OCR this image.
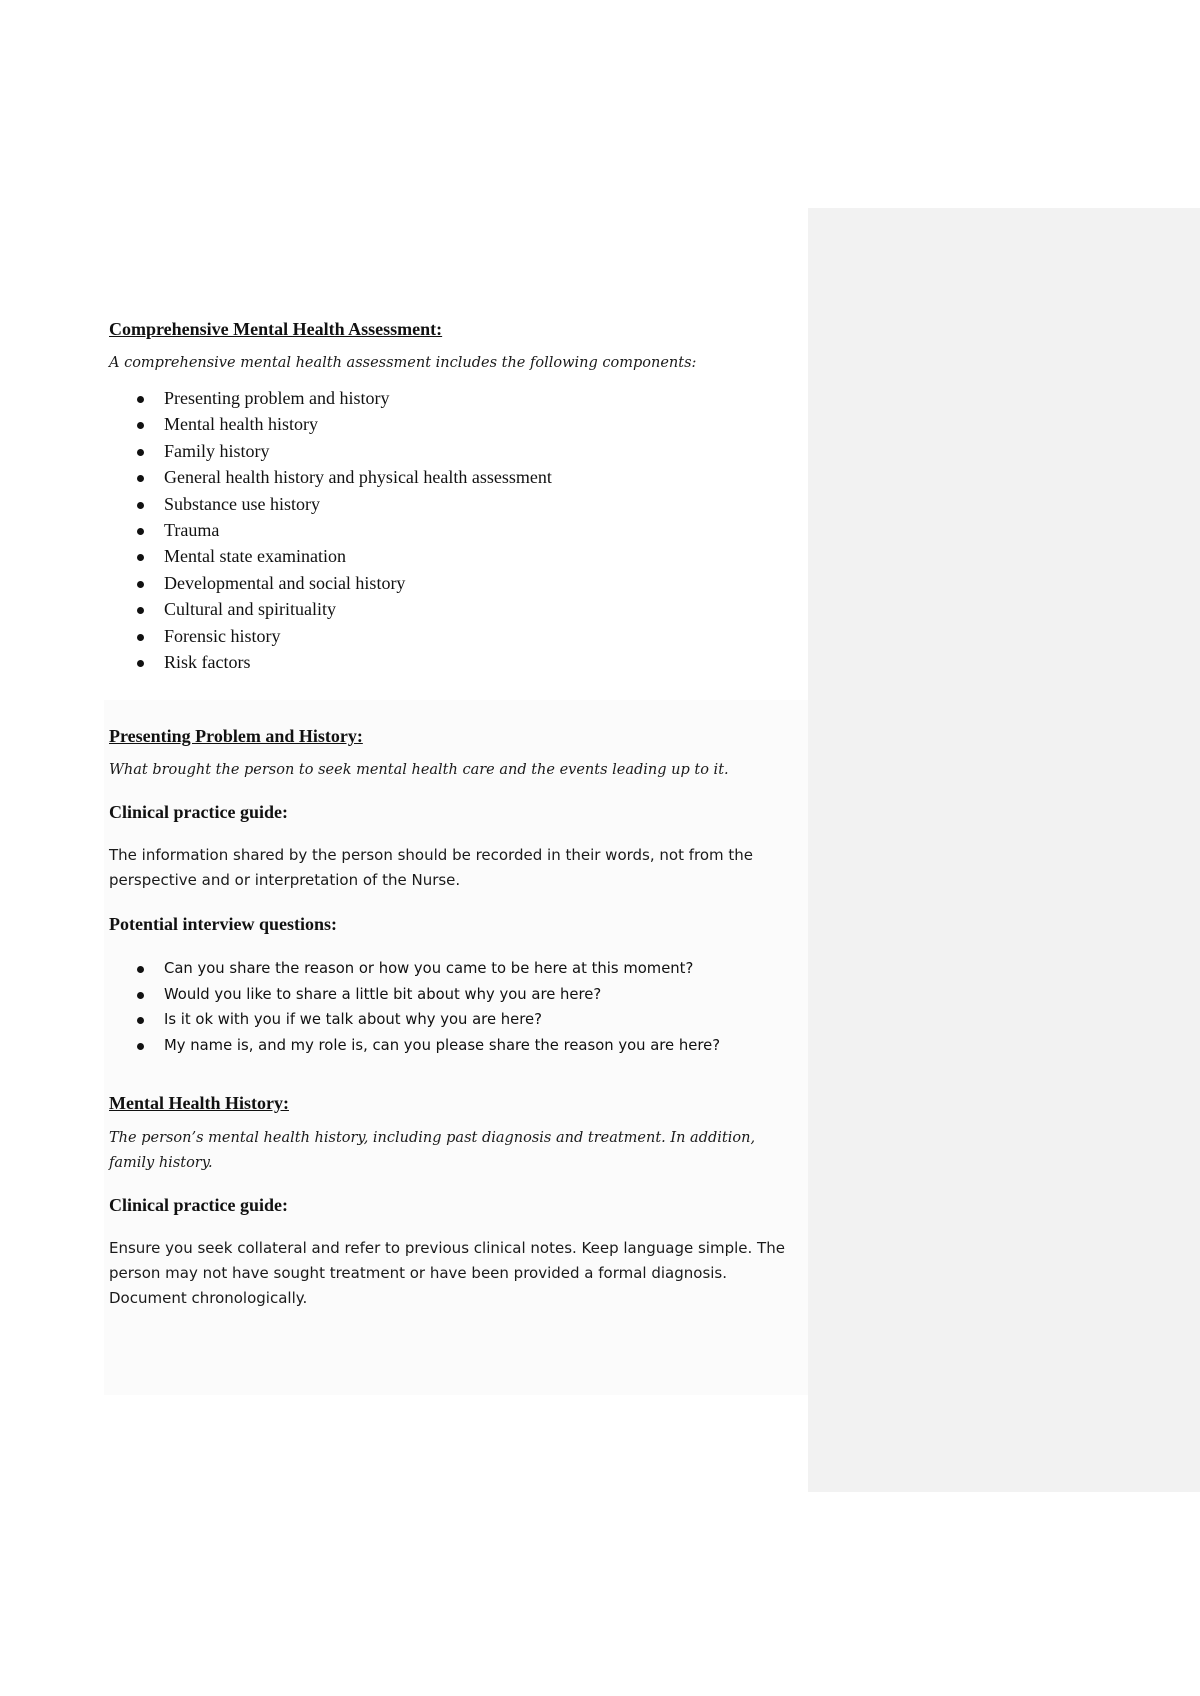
Comprehensive Mental Health Assessment:

A comprehensive mental health assessment includes the following components:

Presenting problem and history
Mental health history
Family history
General health history and physical health assessment
Substance use history
Trauma
Mental state examination
Developmental and social history
Cultural and spirituality
Forensic history
Risk factors

Presenting Problem and History:

What brought the person to seek mental health care and the events leading up to it.

Clinical practice guide:

The information shared by the person should be recorded in their words, not from the perspective and or interpretation of the Nurse.

Potential interview questions:

Can you share the reason or how you came to be here at this moment?
Would you like to share a little bit about why you are here?
Is it ok with you if we talk about why you are here?
My name is, and my role is, can you please share the reason you are here?

Mental Health History:

The person’s mental health history, including past diagnosis and treatment. In addition, family history.

Clinical practice guide:

Ensure you seek collateral and refer to previous clinical notes. Keep language simple. The person may not have sought treatment or have been provided a formal diagnosis. Document chronologically.
